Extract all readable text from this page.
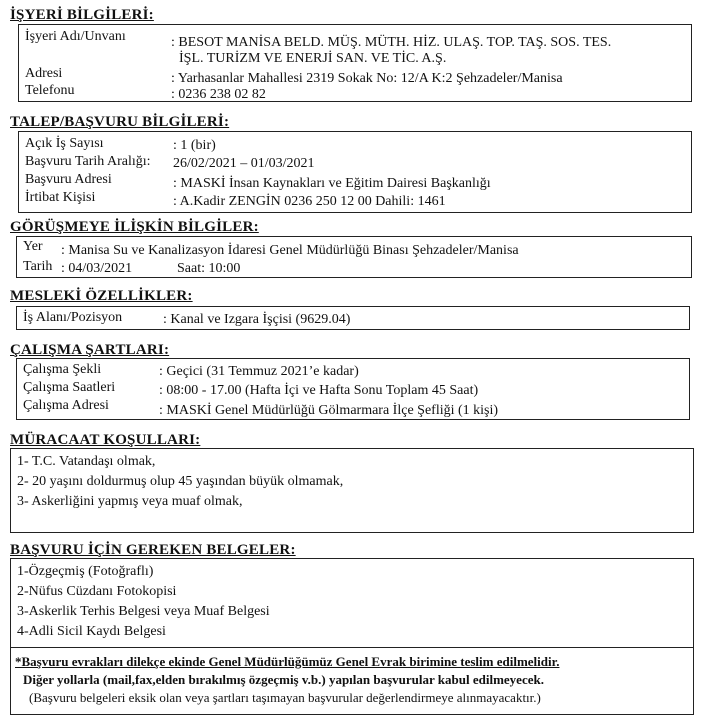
İŞYERİ BİLGİLERİ:
İşyeri Adı/Unvanı	: BESOT MANİSA BELD. MÜŞ. MÜTH. HİZ. ULAŞ. TOP. TAŞ. SOS. TES.
İŞL. TURİZM VE ENERJİ SAN. VE TİC. A.Ş.
Adresi	: Yarhasanlar Mahallesi 2319 Sokak No: 12/A K:2 Şehzadeler/Manisa
Telefonu	: 0236 238 02 82
TALEP/BAŞVURU BİLGİLERİ:
Açık İş Sayısı	: 1 (bir)
Başvuru Tarih Aralığı: 26/02/2021 – 01/03/2021
Başvuru Adresi	: MASKİ İnsan Kaynakları ve Eğitim Dairesi Başkanlığı
İrtibat Kişisi	: A.Kadir ZENGİN 0236 250 12 00 Dahili: 1461
GÖRÜŞMEYE İLİŞKİN BİLGİLER:
Yer : Manisa Su ve Kanalizasyon İdaresi Genel Müdürlüğü Binası Şehzadeler/Manisa
Tarih : 04/03/2021	Saat: 10:00
MESLEKİ ÖZELLİKLER:
İş Alanı/Pozisyon	: Kanal ve Izgara İşçisi (9629.04)
ÇALIŞMA ŞARTLARI:
Çalışma Şekli	: Geçici (31 Temmuz 2021’e kadar)
Çalışma Saatleri	: 08:00 - 17.00 (Hafta İçi ve Hafta Sonu Toplam 45 Saat)
Çalışma Adresi	: MASKİ Genel Müdürlüğü Gölmarmara İlçe Şefliği (1 kişi)
MÜRACAAT KOŞULLARI:
1- T.C. Vatandaşı olmak,
2- 20 yaşını doldurmuş olup 45 yaşından büyük olmamak,
3- Askerliğini yapmış veya muaf olmak,
BAŞVURU İÇİN GEREKEN BELGELER:
1-Özgeçmiş (Fotoğraflı)
2-Nüfus Cüzdanı Fotokopisi
3-Askerlik Terhis Belgesi veya Muaf Belgesi
4-Adli Sicil Kaydı Belgesi
*Başvuru evrakları dilekçe ekinde Genel Müdürlüğümüz Genel Evrak birimine teslim edilmelidir.
Diğer yollarla (mail,fax,elden bırakılmış özgeçmiş v.b.) yapılan başvurular kabul edilmeyecek.
(Başvuru belgeleri eksik olan veya şartları taşımayan başvurular değerlendirmeye alınmayacaktır.)
